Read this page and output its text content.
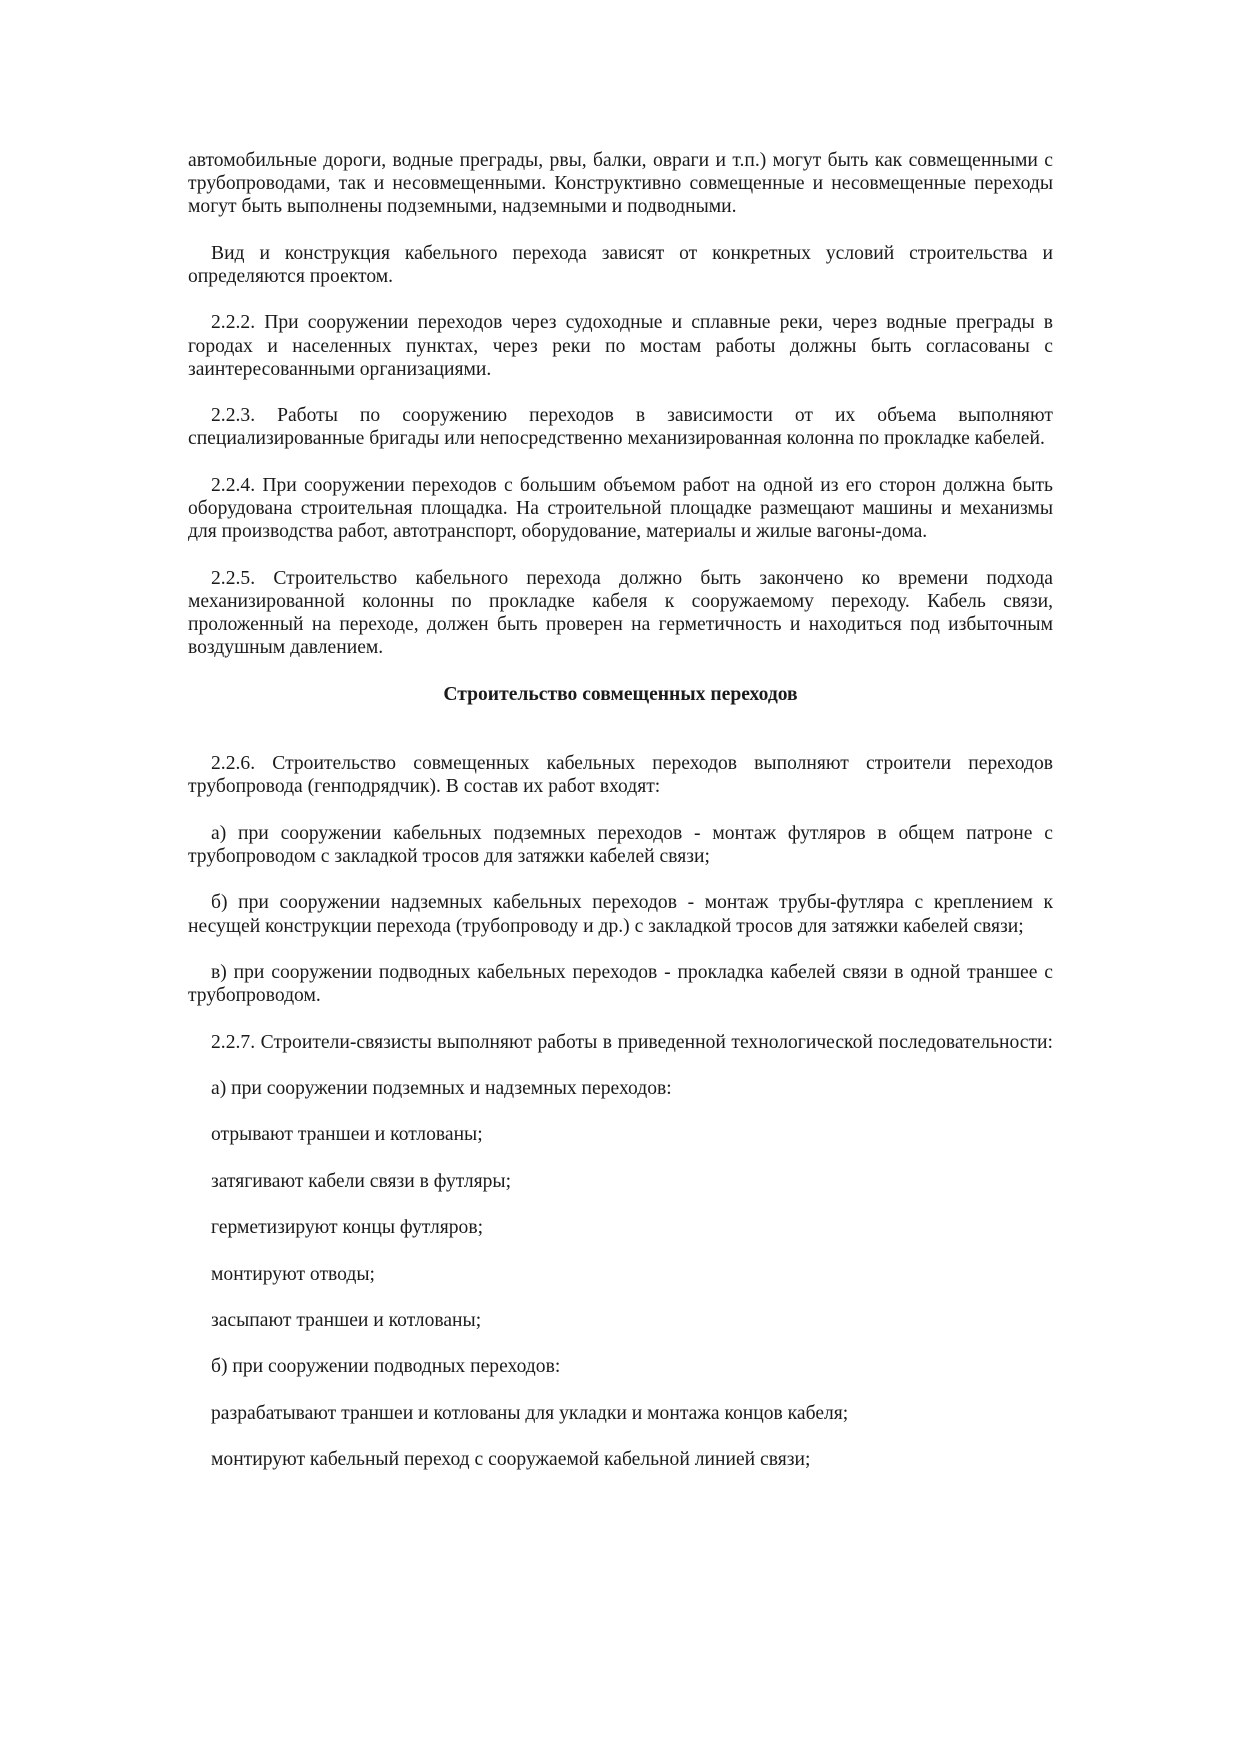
автомобильные дороги, водные преграды, рвы, балки, овраги и т.п.) могут быть как совмещенными с трубопроводами, так и несовмещенными. Конструктивно совмещенные и несовмещенные переходы могут быть выполнены подземными, надземными и подводными.

Вид и конструкция кабельного перехода зависят от конкретных условий строительства и определяются проектом.

2.2.2. При сооружении переходов через судоходные и сплавные реки, через водные преграды в городах и населенных пунктах, через реки по мостам работы должны быть согласованы с заинтересованными организациями.

2.2.3. Работы по сооружению переходов в зависимости от их объема выполняют специализированные бригады или непосредственно механизированная колонна по прокладке кабелей.

2.2.4. При сооружении переходов с большим объемом работ на одной из его сторон должна быть оборудована строительная площадка. На строительной площадке размещают машины и механизмы для производства работ, автотранспорт, оборудование, материалы и жилые вагоны-дома.

2.2.5. Строительство кабельного перехода должно быть закончено ко времени подхода механизированной колонны по прокладке кабеля к сооружаемому переходу. Кабель связи, проложенный на переходе, должен быть проверен на герметичность и находиться под избыточным воздушным давлением.

Строительство совмещенных переходов

2.2.6. Строительство совмещенных кабельных переходов выполняют строители переходов трубопровода (генподрядчик). В состав их работ входят:

а) при сооружении кабельных подземных переходов - монтаж футляров в общем патроне с трубопроводом с закладкой тросов для затяжки кабелей связи;

б) при сооружении надземных кабельных переходов - монтаж трубы-футляра с креплением к несущей конструкции перехода (трубопроводу и др.) с закладкой тросов для затяжки кабелей связи;

в) при сооружении подводных кабельных переходов - прокладка кабелей связи в одной траншее с трубопроводом.

2.2.7. Строители-связисты выполняют работы в приведенной технологической последовательности:

а) при сооружении подземных и надземных переходов:

отрывают траншеи и котлованы;

затягивают кабели связи в футляры;

герметизируют концы футляров;

монтируют отводы;

засыпают траншеи и котлованы;

б) при сооружении подводных переходов:

разрабатывают траншеи и котлованы для укладки и монтажа концов кабеля;

монтируют кабельный переход с сооружаемой кабельной линией связи;
